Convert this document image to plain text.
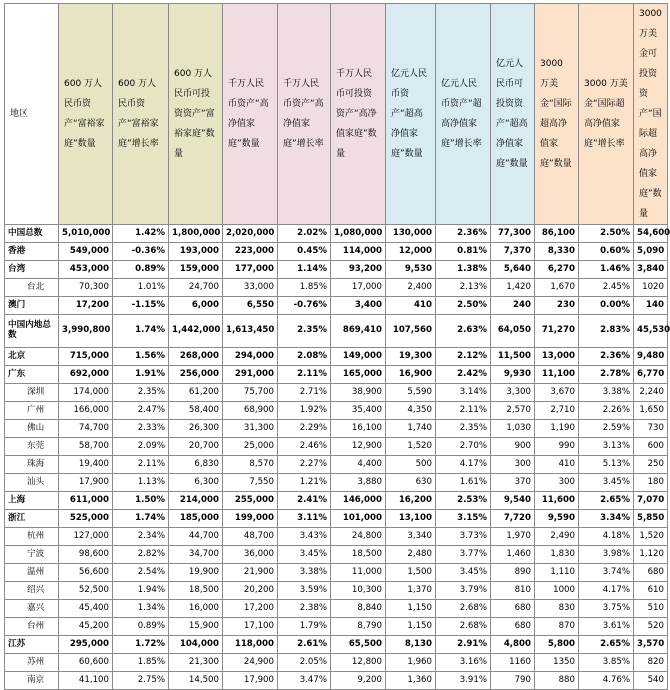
地区	600 万人民币资产“富裕家庭”数量	600 万人民币资产“富裕家庭”增长率	600 万人民币可投资资产“富裕家庭”数量	千万人民币资产“高净值家庭”数量	千万人民币资产“高净值家庭”增长率	千万人民币可投资资产“高净值家庭”数量	亿元人民币资产“超高净值家庭”数量	亿元人民币资产“超高净值家庭”增长率	亿元人民币可投资资产“超高净值家庭”数量	3000 万美金“国际超高净值家庭”数量	3000 万美金“国际超高净值家庭”增长率	3000 万美金可投资资产“国际超高净值家庭”数量
中国总数	5,010,000	1.42%	1,800,000	2,020,000	2.02%	1,080,000	130,000	2.36%	77,300	86,100	2.50%	54,600
香港	549,000	-0.36%	193,000	223,000	0.45%	114,000	12,000	0.81%	7,370	8,330	0.60%	5,090
台湾	453,000	0.89%	159,000	177,000	1.14%	93,200	9,530	1.38%	5,640	6,270	1.46%	3,840
台北	70,300	1.01%	24,700	33,000	1.85%	17,000	2,400	2.13%	1,420	1,670	2.45%	1020
澳门	17,200	-1.15%	6,000	6,550	-0.76%	3,400	410	2.50%	240	230	0.00%	140
中国内地总数	3,990,800	1.74%	1,442,000	1,613,450	2.35%	869,410	107,560	2.63%	64,050	71,270	2.83%	45,530
北京	715,000	1.56%	268,000	294,000	2.08%	149,000	19,300	2.12%	11,500	13,000	2.36%	9,480
广东	692,000	1.91%	256,000	291,000	2.11%	165,000	16,900	2.42%	9,930	11,100	2.78%	6,770
深圳	174,000	2.35%	61,200	75,700	2.71%	38,900	5,590	3.14%	3,300	3,670	3.38%	2,240
广州	166,000	2.47%	58,400	68,900	1.92%	35,400	4,350	2.11%	2,570	2,710	2.26%	1,650
佛山	74,700	2.33%	26,300	31,300	2.29%	16,100	1,740	2.35%	1,030	1,190	2.59%	730
东莞	58,700	2.09%	20,700	25,000	2.46%	12,900	1,520	2.70%	900	990	3.13%	600
珠海	19,400	2.11%	6,830	8,570	2.27%	4,400	500	4.17%	300	410	5.13%	250
汕头	17,900	1.13%	6,300	7,550	1.21%	3,880	630	1.61%	370	300	3.45%	180
上海	611,000	1.50%	214,000	255,000	2.41%	146,000	16,200	2.53%	9,540	11,600	2.65%	7,070
浙江	525,000	1.74%	185,000	199,000	3.11%	101,000	13,100	3.15%	7,720	9,590	3.34%	5,850
杭州	127,000	2.34%	44,700	48,700	3.43%	24,800	3,340	3.73%	1,970	2,490	4.18%	1,520
宁波	98,600	2.82%	34,700	36,000	3.45%	18,500	2,480	3.77%	1,460	1,830	3.98%	1,120
温州	56,600	2.54%	19,900	21,900	3.38%	11,000	1,500	3.45%	890	1,110	3.74%	680
绍兴	52,500	1.94%	18,500	20,200	3.59%	10,300	1,370	3.79%	810	1000	4.17%	610
嘉兴	45,400	1.34%	16,000	17,200	2.38%	8,840	1,150	2.68%	680	830	3.75%	510
台州	45,200	0.89%	15,900	17,100	1.79%	8,790	1,150	2.68%	680	870	3.61%	520
江苏	295,000	1.72%	104,000	118,000	2.61%	65,500	8,130	2.91%	4,800	5,800	2.65%	3,570
苏州	60,600	1.85%	21,300	24,900	2.05%	12,800	1,960	3.16%	1160	1350	3.85%	820
南京	41,100	2.75%	14,500	17,900	3.47%	9,200	1,360	3.91%	790	880	4.76%	540
